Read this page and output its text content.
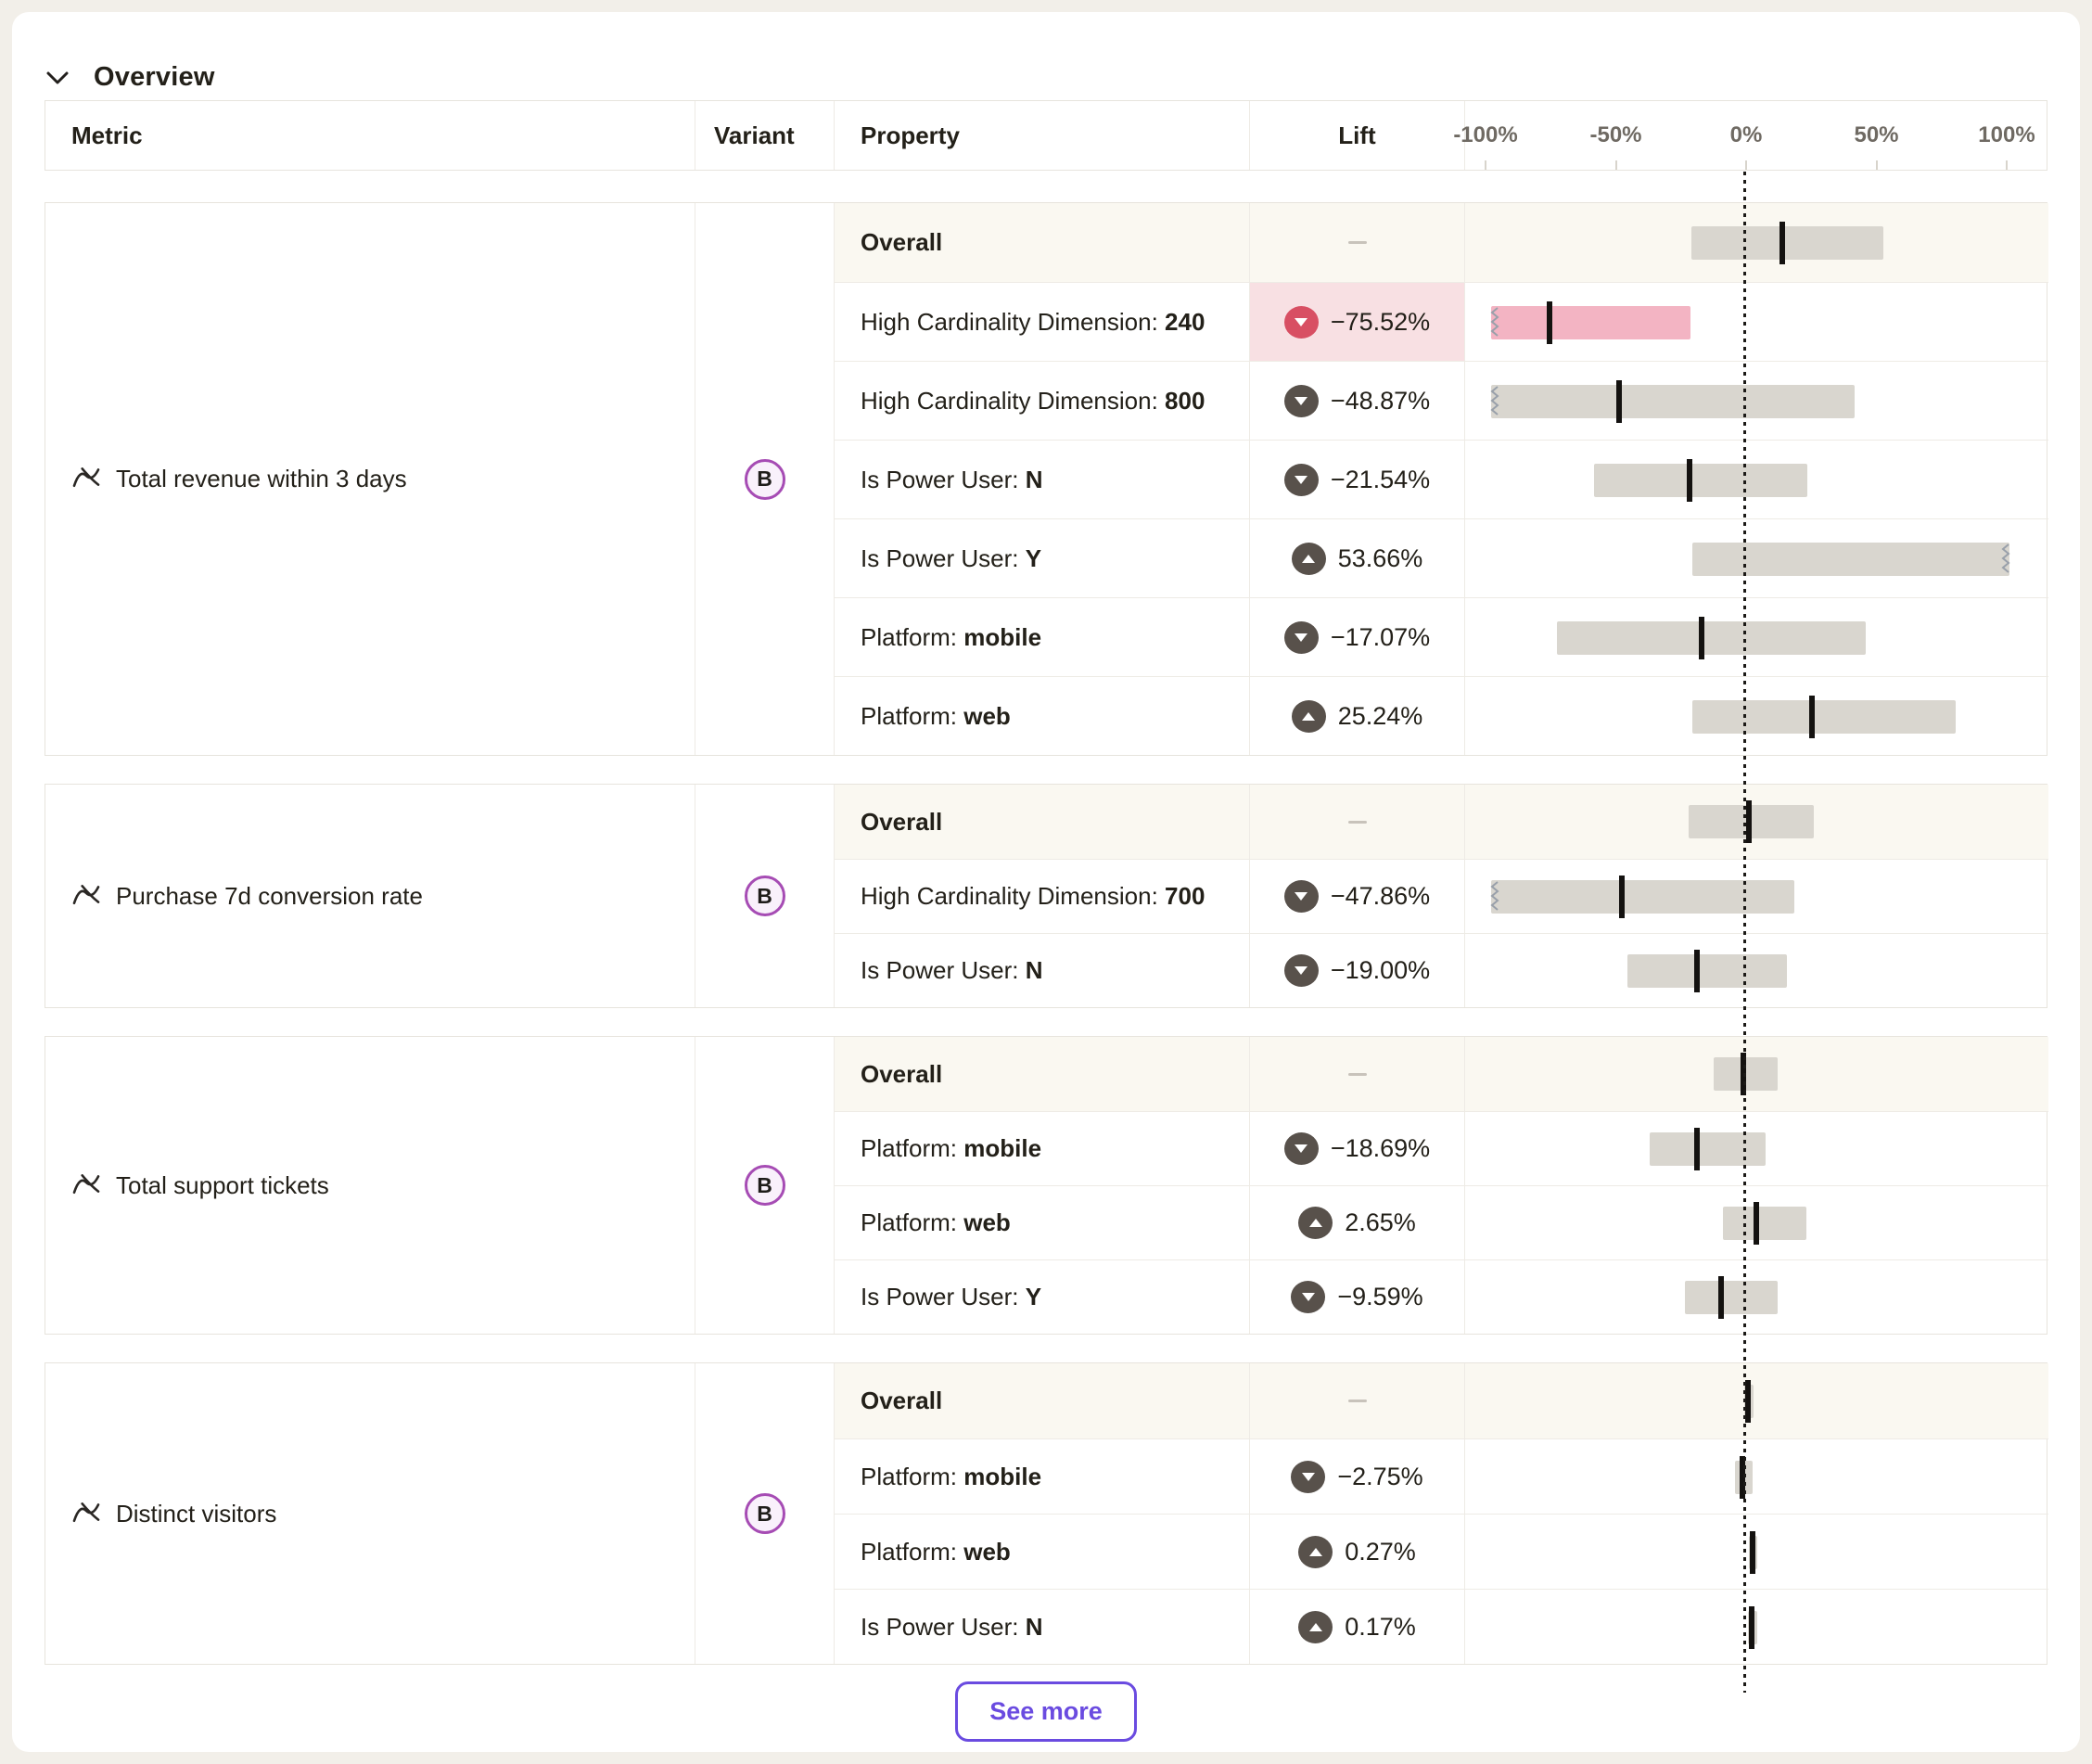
Overview
Metric	Variant	Property	Lift	-100%	-50%	0%	50%	100%
Total revenue within 3 days	B
Overall
High Cardinality Dimension: 240	−75.52%
High Cardinality Dimension: 800	−48.87%
Is Power User: N	−21.54%
Is Power User: Y	53.66%
Platform: mobile	−17.07%
Platform: web	25.24%
Purchase 7d conversion rate	B
Overall
High Cardinality Dimension: 700	−47.86%
Is Power User: N	−19.00%
Total support tickets	B
Overall
Platform: mobile	−18.69%
Platform: web	2.65%
Is Power User: Y	−9.59%
Distinct visitors	B
Overall
Platform: mobile	−2.75%
Platform: web	0.27%
Is Power User: N	0.17%
See more
